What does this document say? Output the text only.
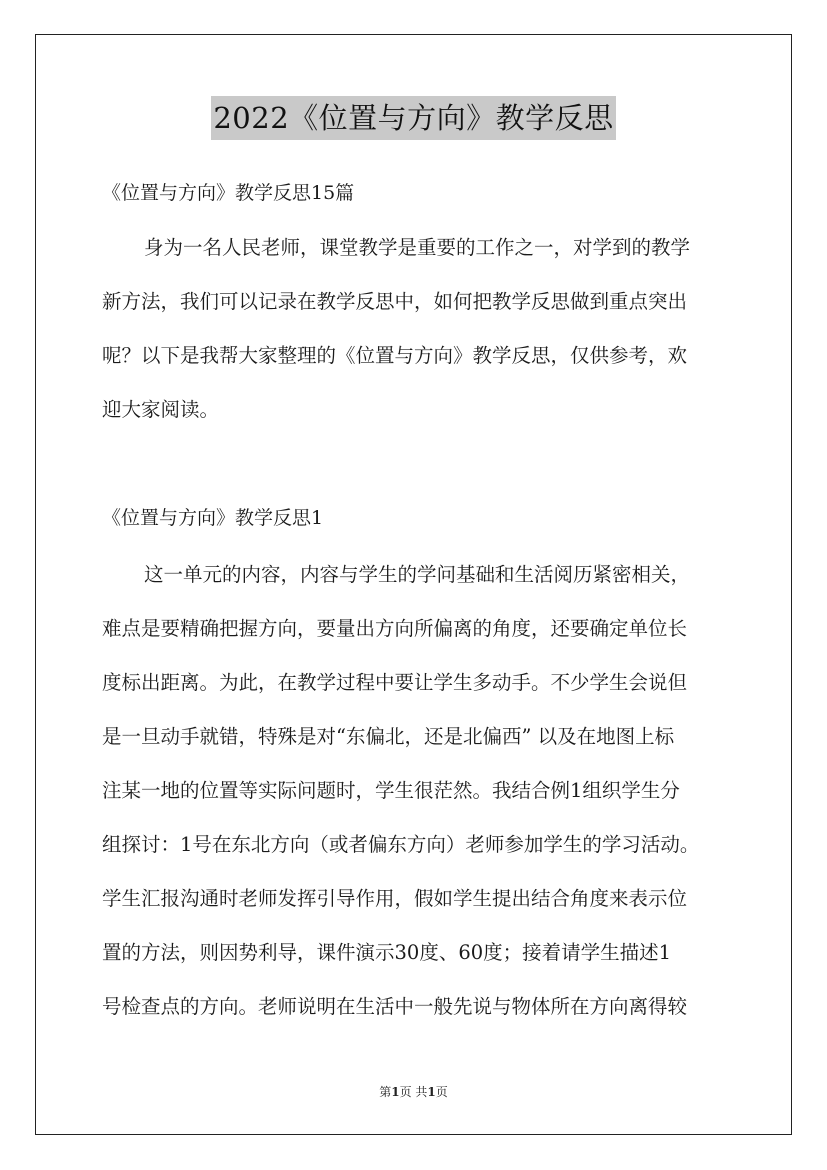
2022《位置与方向》教学反思
《位置与方向》教学反思15篇

身为一名人民老师，课堂教学是重要的工作之一，对学到的教学
新方法，我们可以记录在教学反思中，如何把教学反思做到重点突出
呢？以下是我帮大家整理的《位置与方向》教学反思，仅供参考，欢
迎大家阅读。

《位置与方向》教学反思1

这一单元的内容，内容与学生的学问基础和生活阅历紧密相关，
难点是要精确把握方向，要量出方向所偏离的角度，还要确定单位长
度标出距离。为此，在教学过程中要让学生多动手。不少学生会说但
是一旦动手就错，特殊是对“东偏北，还是北偏西” 以及在地图上标
注某一地的位置等实际问题时，学生很茫然。我结合例1组织学生分
组探讨：1号在东北方向（或者偏东方向）老师参加学生的学习活动。
学生汇报沟通时老师发挥引导作用，假如学生提出结合角度来表示位
置的方法，则因势利导，课件演示30度、60度；接着请学生描述1
号检查点的方向。老师说明在生活中一般先说与物体所在方向离得较

第1页 共1页
